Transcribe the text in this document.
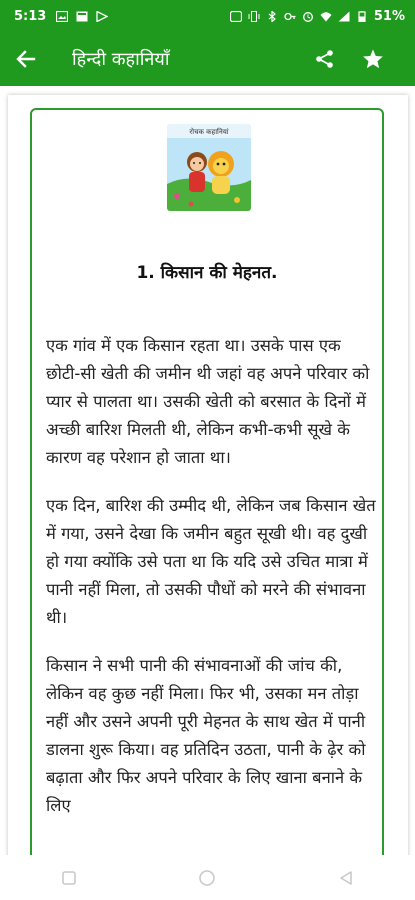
5:13	51%
हिन्दी कहानियाँ
रोचक कहानियां
1. किसान की मेहनत.

एक गांव में एक किसान रहता था। उसके पास एक छोटी-सी खेती की जमीन थी जहां वह अपने परिवार को प्यार से पालता था। उसकी खेती को बरसात के दिनों में अच्छी बारिश मिलती थी, लेकिन कभी-कभी सूखे के कारण वह परेशान हो जाता था।

एक दिन, बारिश की उम्मीद थी, लेकिन जब किसान खेत में गया, उसने देखा कि जमीन बहुत सूखी थी। वह दुखी हो गया क्योंकि उसे पता था कि यदि उसे उचित मात्रा में पानी नहीं मिला, तो उसकी पौधों को मरने की संभावना थी।

किसान ने सभी पानी की संभावनाओं की जांच की, लेकिन वह कुछ नहीं मिला। फिर भी, उसका मन तोड़ा नहीं और उसने अपनी पूरी मेहनत के साथ खेत में पानी डालना शुरू किया। वह प्रतिदिन उठता, पानी के ढ़ेर को बढ़ाता और फिर अपने परिवार के लिए खाना बनाने के लिए
